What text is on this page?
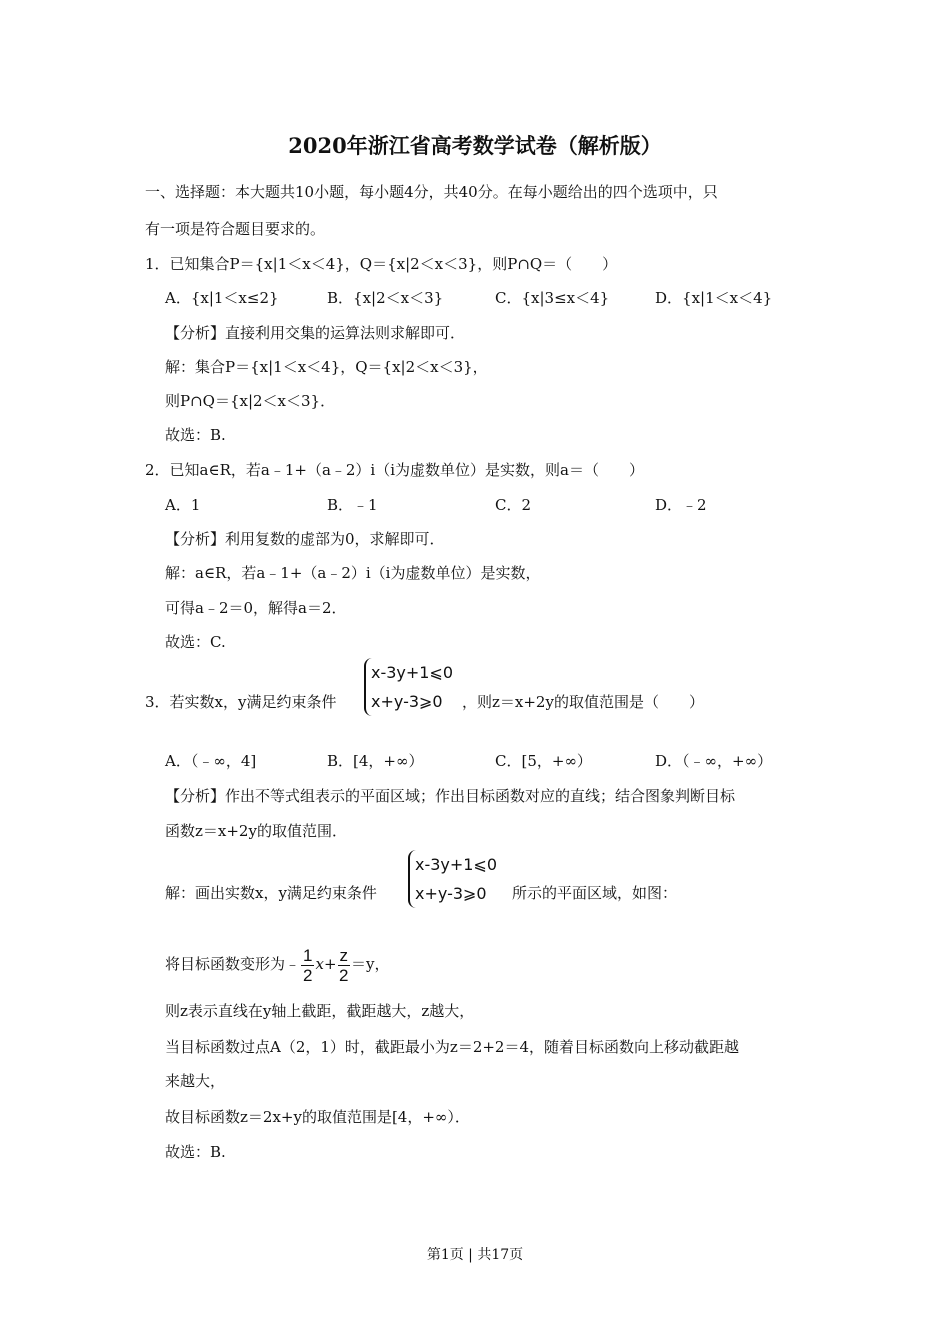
2020年浙江省高考数学试卷（解析版）
一、选择题：本大题共10小题，每小题4分，共40分。在每小题给出的四个选项中，只
有一项是符合题目要求的。
1．已知集合P＝{x|1＜x＜4}，Q＝{x|2＜x＜3}，则P∩Q＝（　　）
A．{x|1＜x≤2}	B．{x|2＜x＜3}	C．{x|3≤x＜4}	D．{x|1＜x＜4}
【分析】直接利用交集的运算法则求解即可．
解：集合P＝{x|1＜x＜4}，Q＝{x|2＜x＜3}，
则P∩Q＝{x|2＜x＜3}．
故选：B.
2．已知a∈R，若a﹣1+（a﹣2）i（i为虚数单位）是实数，则a＝（　　）
A．1	B．﹣1	C．2	D．﹣2
【分析】利用复数的虚部为0，求解即可．
解：a∈R，若a﹣1+（a﹣2）i（i为虚数单位）是实数，
可得a﹣2＝0，解得a＝2．
故选：C.
3．若实数x，y满足约束条件
x-3y+1⩽0
x+y-3⩾0	，则z＝x+2y的取值范围是（　　）
A．（﹣∞，4]	B．[4，+∞）	C．[5，+∞）	D．（﹣∞，+∞）
【分析】作出不等式组表示的平面区域；作出目标函数对应的直线；结合图象判断目标
函数z＝x+2y的取值范围．
解：画出实数x，y满足约束条件
x-3y+1⩽0
x+y-3⩾0	所示的平面区域，如图：
将目标函数变形为﹣ $\frac{1}{2} x+ \frac{z}{2} =y$，
则z表示直线在y轴上截距，截距越大，z越大，
当目标函数过点A（2，1）时，截距最小为z＝2+2＝4，随着目标函数向上移动截距越
来越大，
故目标函数z＝2x+y的取值范围是[4，+∞）．
故选：B.
第1页 | 共17页
